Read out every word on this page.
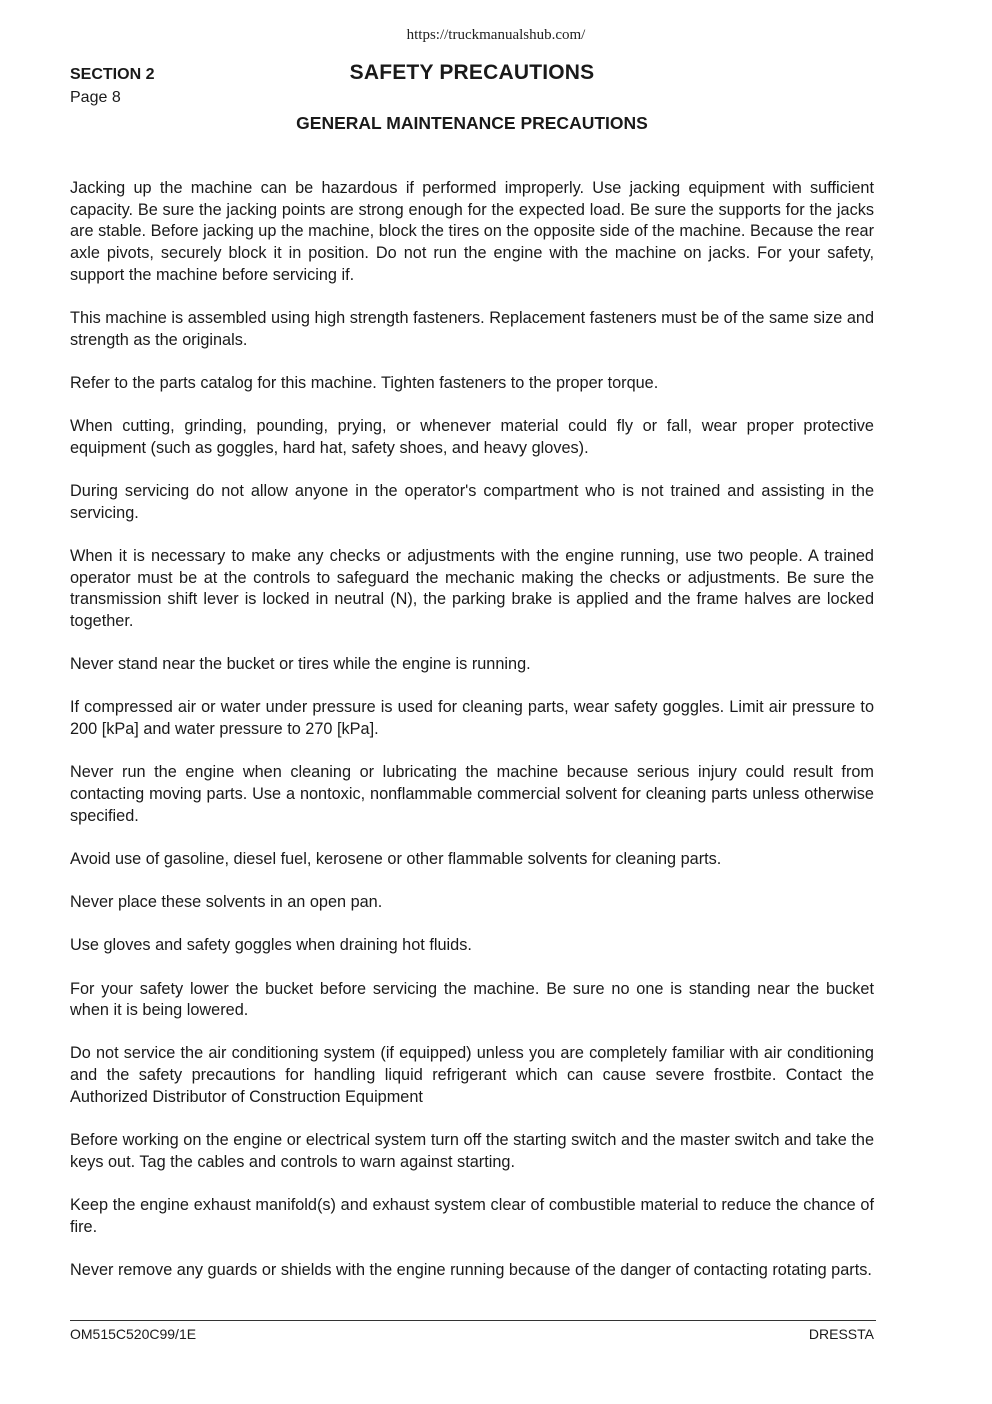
https://truckmanualshub.com/
SECTION 2
Page 8
SAFETY PRECAUTIONS
GENERAL MAINTENANCE PRECAUTIONS

Jacking up the machine can be hazardous if performed improperly. Use jacking equipment with sufficient capacity. Be sure the jacking points are strong enough for the expected load. Be sure the supports for the jacks are stable. Before jacking up the machine, block the tires on the opposite side of the machine. Because the rear axle pivots, securely block it in position. Do not run the engine with the machine on jacks. For your safety, support the machine before servicing if.

This machine is assembled using high strength fasteners. Replacement fasteners must be of the same size and strength as the originals.

Refer to the parts catalog for this machine. Tighten fasteners to the proper torque.

When cutting, grinding, pounding, prying, or whenever material could fly or fall, wear proper protective equipment (such as goggles, hard hat, safety shoes, and heavy gloves).

During servicing do not allow anyone in the operator's compartment who is not trained and assisting in the servicing.

When it is necessary to make any checks or adjustments with the engine running, use two people. A trained operator must be at the controls to safeguard the mechanic making the checks or adjustments. Be sure the transmission shift lever is locked in neutral (N), the parking brake is applied and the frame halves are locked together.

Never stand near the bucket or tires while the engine is running.

If compressed air or water under pressure is used for cleaning parts, wear safety goggles. Limit air pressure to 200 [kPa] and water pressure to 270 [kPa].

Never run the engine when cleaning or lubricating the machine because serious injury could result from contacting moving parts. Use a nontoxic, nonflammable commercial solvent for cleaning parts unless otherwise specified.

Avoid use of gasoline, diesel fuel, kerosene or other flammable solvents for cleaning parts.

Never place these solvents in an open pan.

Use gloves and safety goggles when draining hot fluids.

For your safety lower the bucket before servicing the machine. Be sure no one is standing near the bucket when it is being lowered.

Do not service the air conditioning system (if equipped) unless you are completely familiar with air conditioning and the safety precautions for handling liquid refrigerant which can cause severe frostbite. Contact the Authorized Distributor of Construction Equipment

Before working on the engine or electrical system turn off the starting switch and the master switch and take the keys out. Tag the cables and controls to warn against starting.

Keep the engine exhaust manifold(s) and exhaust system clear of combustible material to reduce the chance of fire.

Never remove any guards or shields with the engine running because of the danger of contacting rotating parts.

OM515C520C99/1E	DRESSTA
